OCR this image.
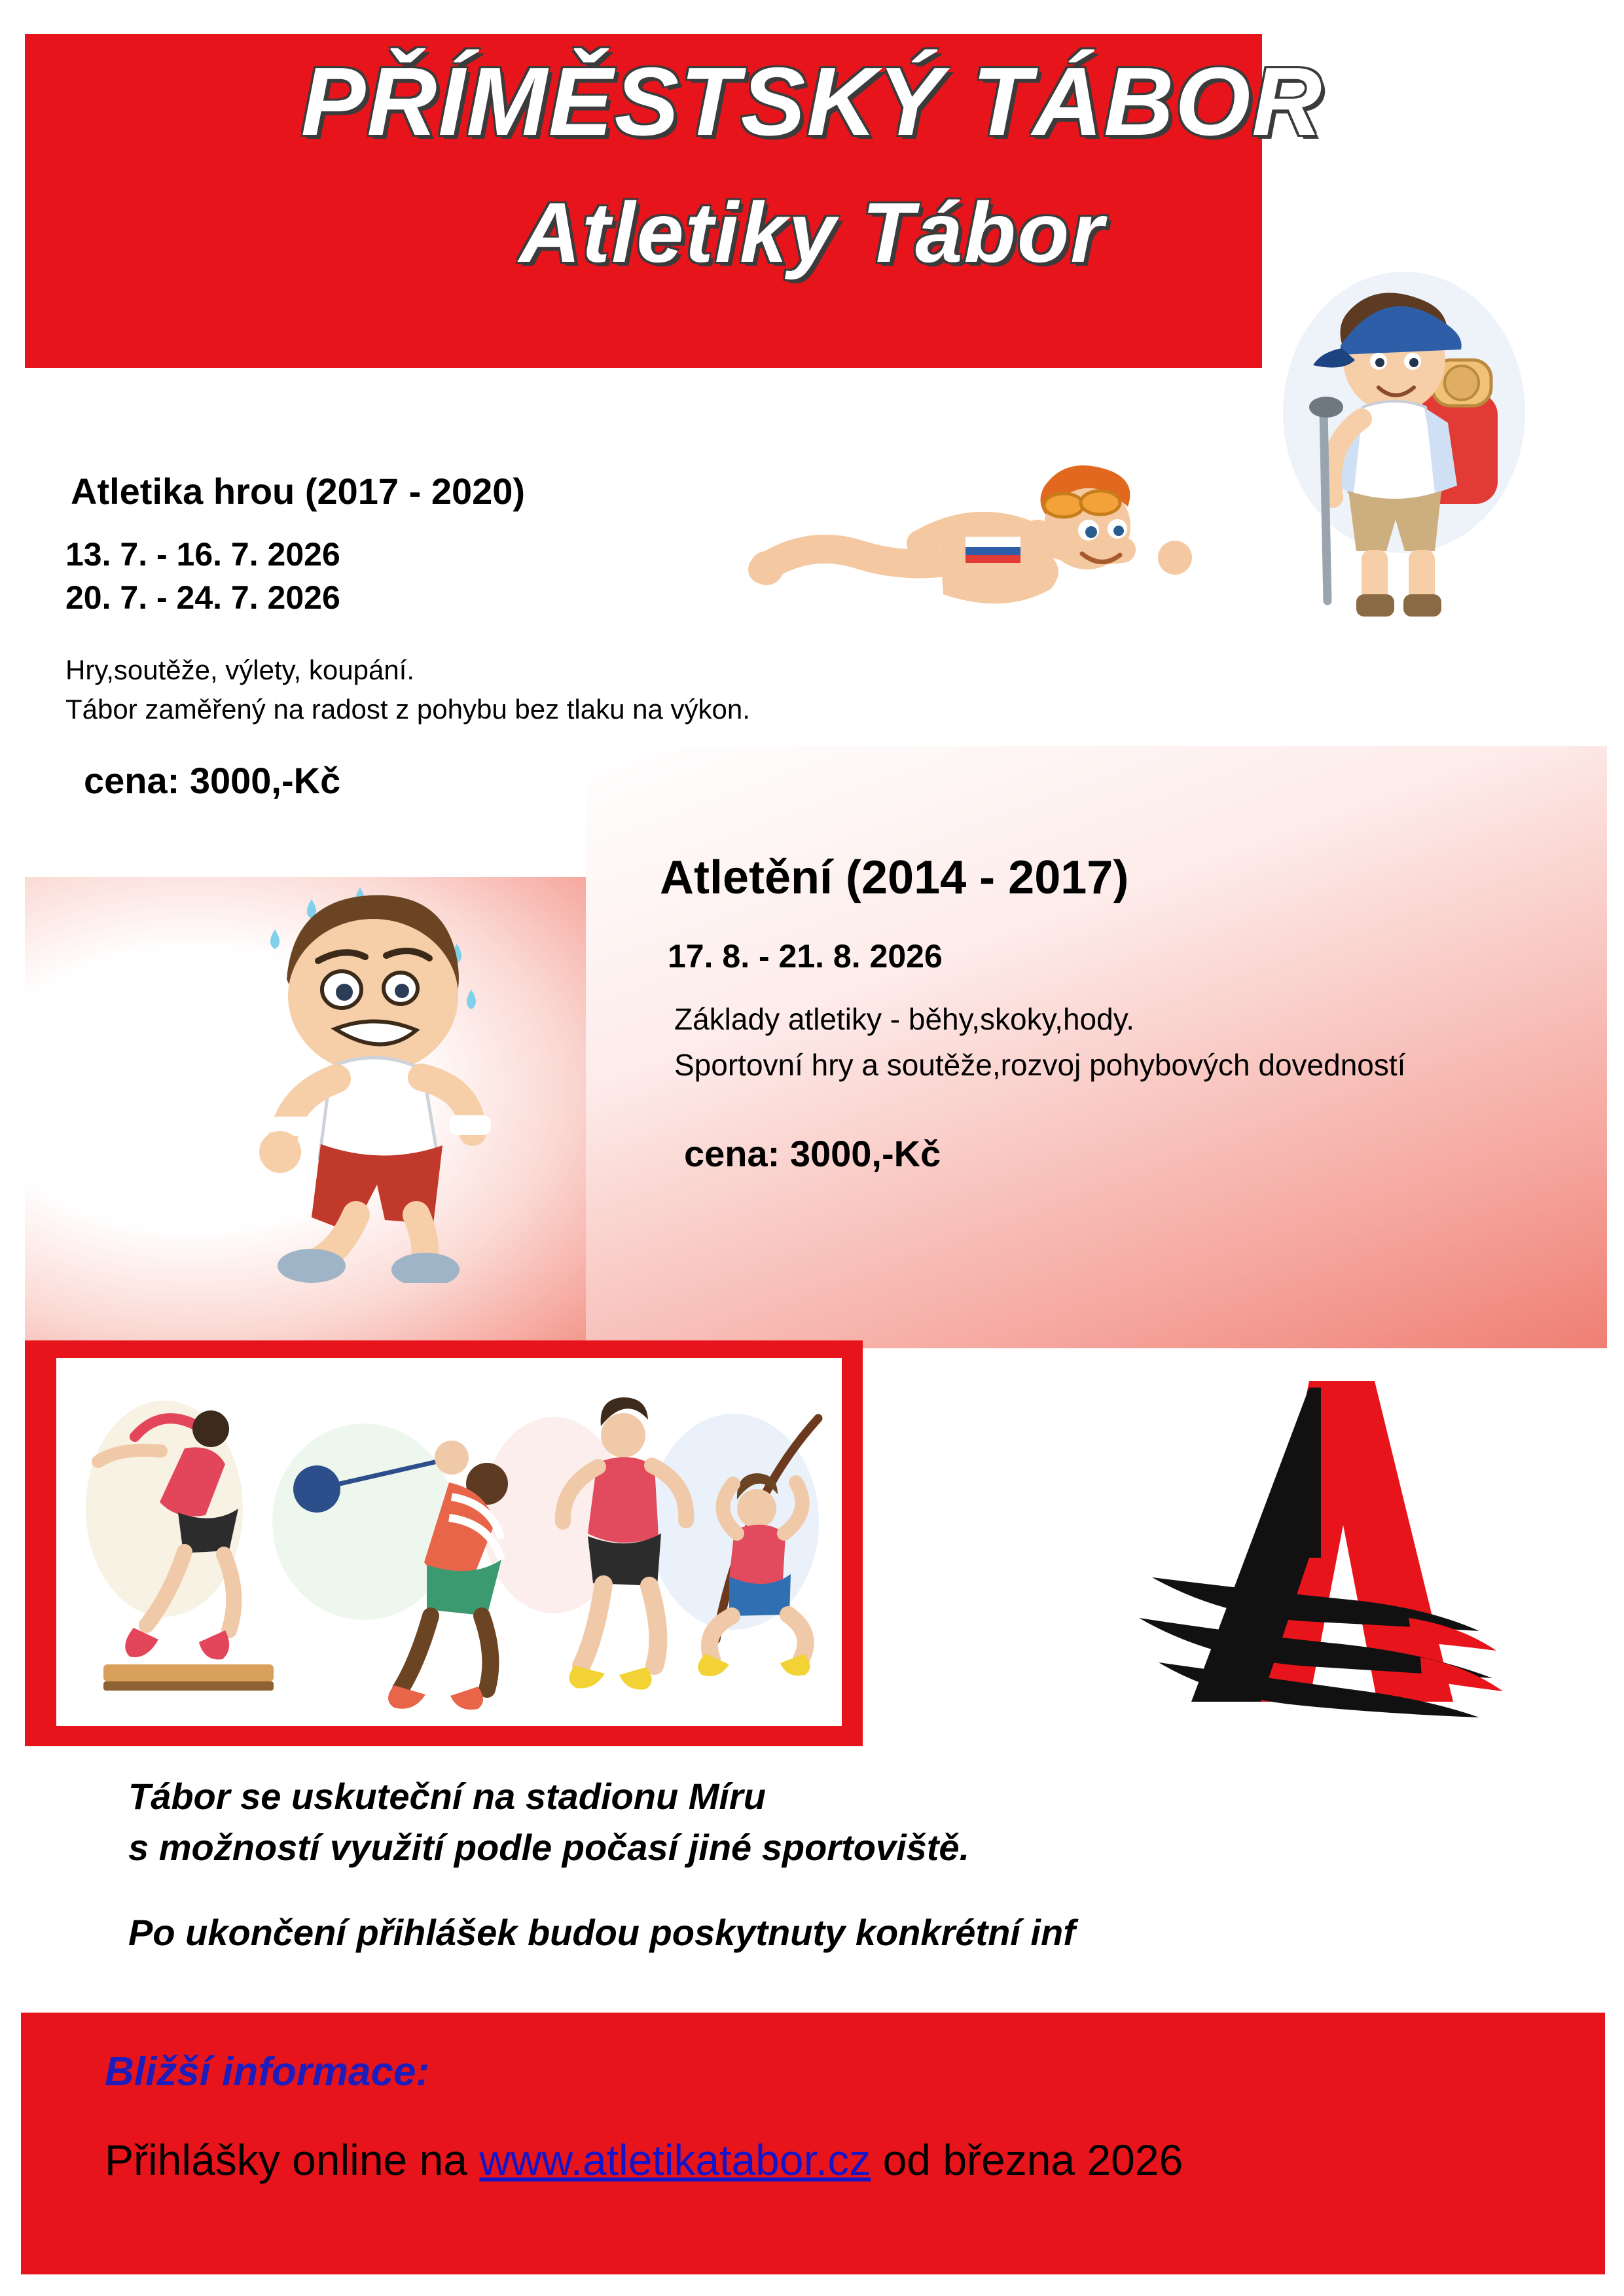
PŘÍMĚSTSKÝ TÁBOR
Atletiky Tábor
Atletika hrou (2017 - 2020)
13. 7. - 16. 7. 2026
20. 7. - 24. 7. 2026
Hry,soutěže, výlety, koupání.
Tábor zaměřený na radost z pohybu bez tlaku na výkon.
cena: 3000,-Kč
Atletění (2014 - 2017)
17. 8. - 21. 8. 2026
Základy atletiky - běhy,skoky,hody.
Sportovní hry a soutěže,rozvoj pohybových dovedností
cena: 3000,-Kč
Tábor se uskuteční na stadionu Míru
s možností využití podle počasí jiné sportoviště.
Po ukončení přihlášek budou poskytnuty konkrétní inf
Bližší informace:
Přihlášky online na www.atletikatabor.cz od března 2026
